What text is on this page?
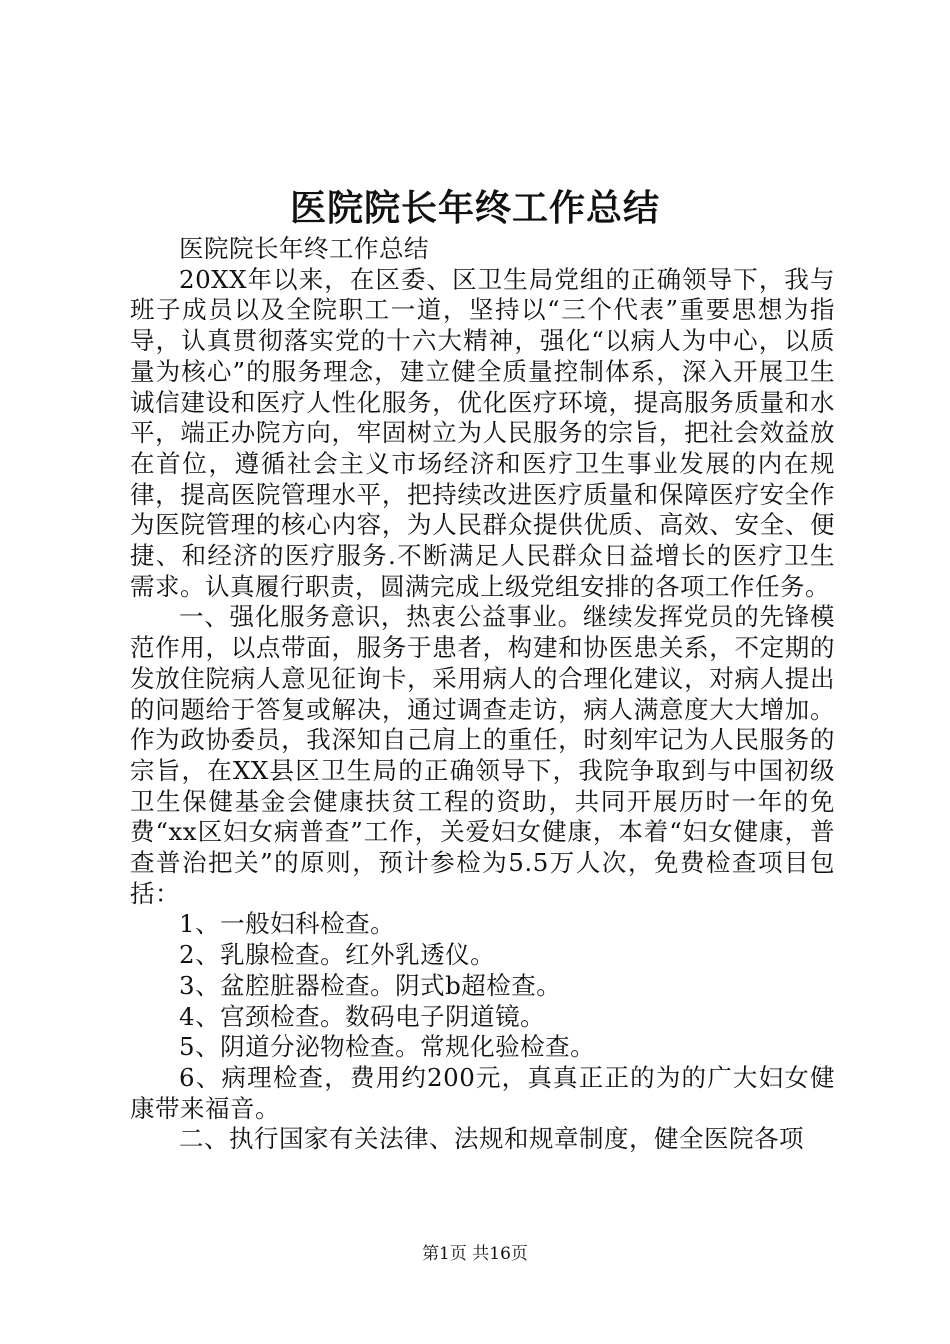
医院院长年终工作总结

医院院长年终工作总结

20XX年以来，在区委、区卫生局党组的正确领导下，我与班子成员以及全院职工一道，坚持以“三个代表”重要思想为指导，认真贯彻落实党的十六大精神，强化“以病人为中心，以质量为核心”的服务理念，建立健全质量控制体系，深入开展卫生诚信建设和医疗人性化服务，优化医疗环境，提高服务质量和水平，端正办院方向，牢固树立为人民服务的宗旨，把社会效益放在首位，遵循社会主义市场经济和医疗卫生事业发展的内在规律，提高医院管理水平，把持续改进医疗质量和保障医疗安全作为医院管理的核心内容，为人民群众提供优质、高效、安全、便捷、和经济的医疗服务.不断满足人民群众日益增长的医疗卫生需求。认真履行职责，圆满完成上级党组安排的各项工作任务。

一、强化服务意识，热衷公益事业。继续发挥党员的先锋模范作用，以点带面，服务于患者，构建和协医患关系，不定期的发放住院病人意见征询卡，采用病人的合理化建议，对病人提出的问题给于答复或解决，通过调查走访，病人满意度大大增加。作为政协委员，我深知自己肩上的重任，时刻牢记为人民服务的宗旨，在XX县区卫生局的正确领导下，我院争取到与中国初级卫生保健基金会健康扶贫工程的资助，共同开展历时一年的免费“xx区妇女病普查”工作，关爱妇女健康，本着“妇女健康，普查普治把关”的原则，预计参检为5.5万人次，免费检查项目包括：

1、一般妇科检查。

2、乳腺检查。红外乳透仪。

3、盆腔脏器检查。阴式b超检查。

4、宫颈检查。数码电子阴道镜。

5、阴道分泌物检查。常规化验检查。

6、病理检查，费用约200元，真真正正的为的广大妇女健康带来福音。

二、执行国家有关法律、法规和规章制度，健全医院各项

第1页 共16页
